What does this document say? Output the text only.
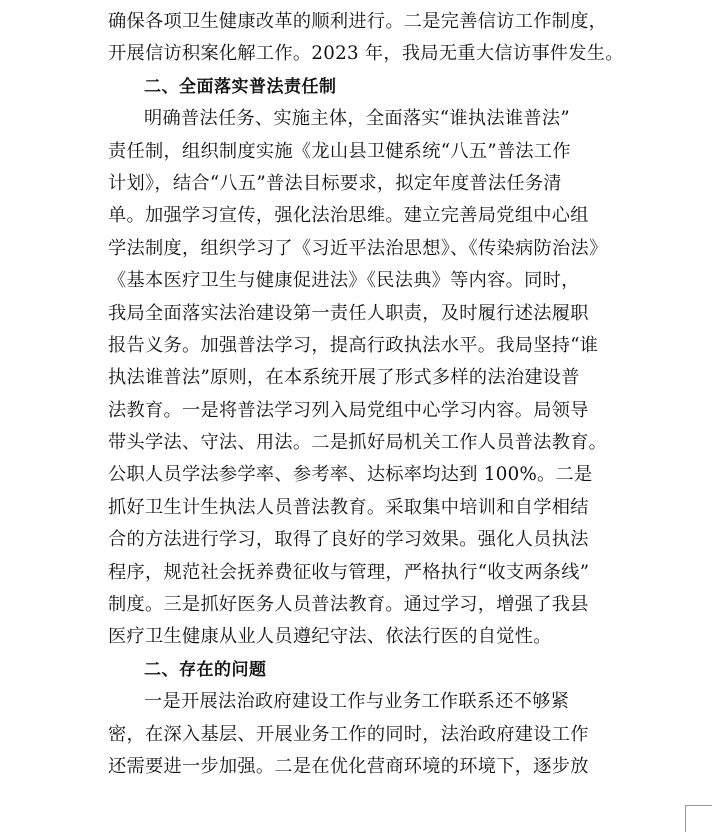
确保各项卫生健康改革的顺利进行。二是完善信访工作制度，
开展信访积案化解工作。2023 年，我局无重大信访事件发生。
二、全面落实普法责任制
明确普法任务、实施主体，全面落实“谁执法谁普法”
责任制，组织制度实施《龙山县卫健系统“八五”普法工作
计划》，结合“八五”普法目标要求，拟定年度普法任务清
单。加强学习宣传，强化法治思维。建立完善局党组中心组
学法制度，组织学习了《习近平法治思想》、《传染病防治法》
《基本医疗卫生与健康促进法》《民法典》等内容。同时，
我局全面落实法治建设第一责任人职责，及时履行述法履职
报告义务。加强普法学习，提高行政执法水平。我局坚持“谁
执法谁普法”原则，在本系统开展了形式多样的法治建设普
法教育。一是将普法学习列入局党组中心学习内容。局领导
带头学法、守法、用法。二是抓好局机关工作人员普法教育。
公职人员学法参学率、参考率、达标率均达到 100%。二是
抓好卫生计生执法人员普法教育。采取集中培训和自学相结
合的方法进行学习，取得了良好的学习效果。强化人员执法
程序，规范社会抚养费征收与管理，严格执行“收支两条线”
制度。三是抓好医务人员普法教育。通过学习，增强了我县
医疗卫生健康从业人员遵纪守法、依法行医的自觉性。
二、存在的问题
一是开展法治政府建设工作与业务工作联系还不够紧
密，在深入基层、开展业务工作的同时，法治政府建设工作
还需要进一步加强。二是在优化营商环境的环境下，逐步放
